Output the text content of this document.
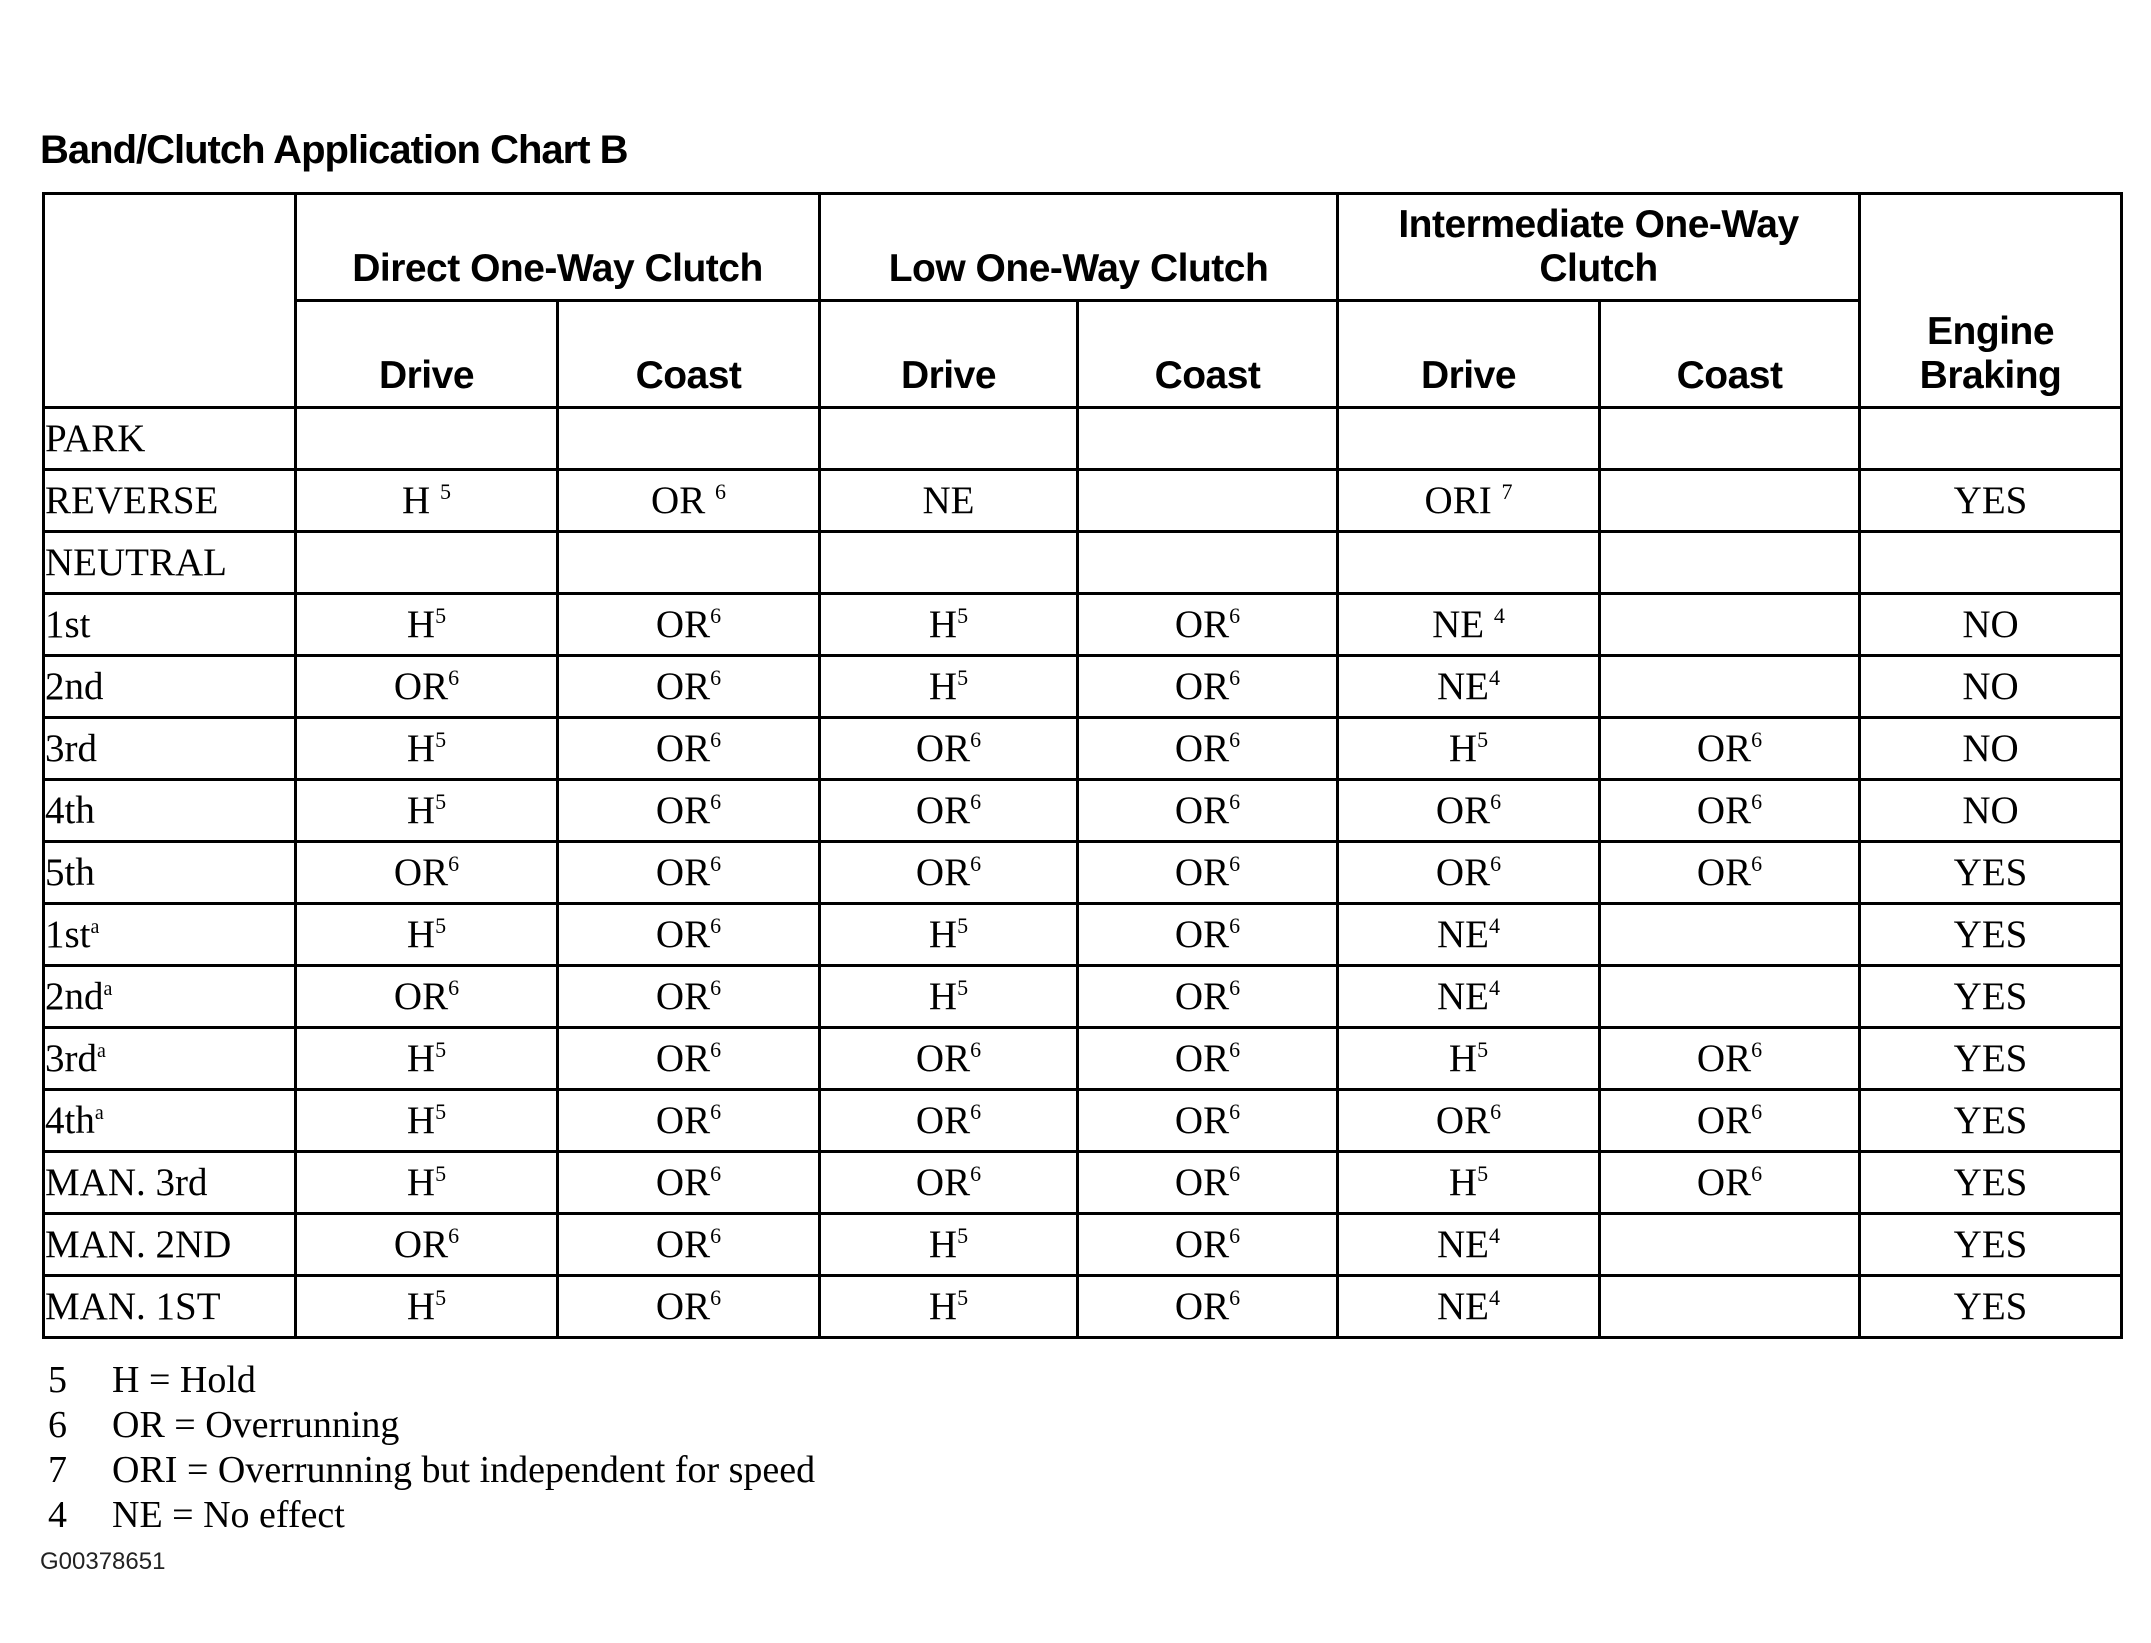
Band/Clutch Application Chart B
	Direct One-Way Clutch		Low One-Way Clutch		Intermediate One-Way Clutch		Engine Braking
	Drive	Coast	Drive	Coast	Drive	Coast	
PARK							
REVERSE	H 5	OR 6	NE		ORI 7		YES
NEUTRAL							
1st	H 5	OR 6	H 5	OR 6	NE 4		NO
2nd	OR 6	OR 6	H 5	OR 6	NE 4		NO
3rd	H 5	OR 6	OR 6	OR 6	H 5	OR 6	NO
4th	H 5	OR 6	OR 6	OR 6	OR 6	OR 6	NO
5th	OR 6	OR 6	OR 6	OR 6	OR 6	OR 6	YES
1st a	H 5	OR 6	H 5	OR 6	NE 4		YES
2nd a	OR 6	OR 6	H 5	OR 6	NE 4		YES
3rd a	H 5	OR 6	OR 6	OR 6	H 5	OR 6	YES
4th a	H 5	OR 6	OR 6	OR 6	OR 6	OR 6	YES
MAN. 3rd	H 5	OR 6	OR 6	OR 6	H 5	OR 6	YES
MAN. 2ND	OR 6	OR 6	H 5	OR 6	NE 4		YES
MAN. 1ST	H 5	OR 6	H 5	OR 6	NE 4		YES
5 H = Hold
6 OR = Overrunning
7 ORI = Overrunning but independent for speed
4 NE = No effect
G00378651
